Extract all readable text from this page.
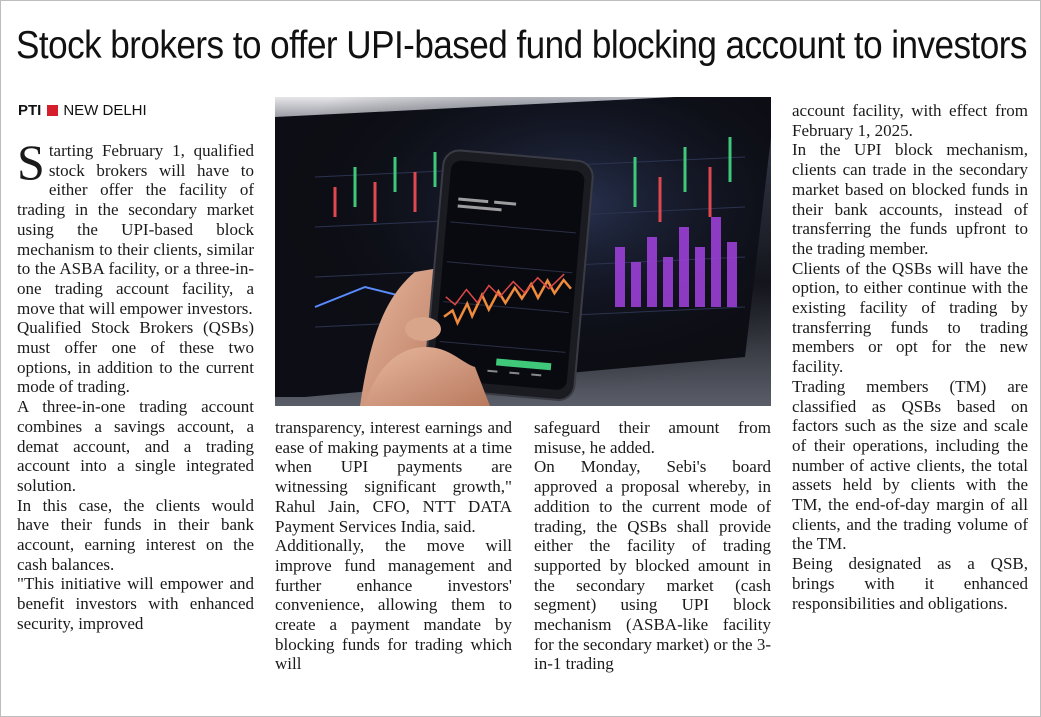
Stock brokers to offer UPI-based fund blocking account to investors
PTI NEW DELHI

Starting February 1, qualified stock brokers will have to either offer the facility of trading in the secondary market using the UPI-based block mechanism to their clients, similar to the ASBA facility, or a three-in-one trading account facility, a move that will empower investors.

Qualified Stock Brokers (QSBs) must offer one of these two options, in addition to the current mode of trading.

A three-in-one trading account combines a savings account, a demat account, and a trading account into a single integrated solution.

In this case, the clients would have their funds in their bank account, earning interest on the cash balances.

"This initiative will empower and benefit investors with enhanced security, improved

transparency, interest earnings and ease of making payments at a time when UPI payments are witnessing significant growth," Rahul Jain, CFO, NTT DATA Payment Services India, said.

Additionally, the move will improve fund management and further enhance investors' convenience, allowing them to create a payment mandate by blocking funds for trading which will

safeguard their amount from misuse, he added.

On Monday, Sebi's board approved a proposal whereby, in addition to the current mode of trading, the QSBs shall provide either the facility of trading supported by blocked amount in the secondary market (cash segment) using UPI block mechanism (ASBA-like facility for the secondary market) or the 3-in-1 trading

account facility, with effect from February 1, 2025.

In the UPI block mechanism, clients can trade in the secondary market based on blocked funds in their bank accounts, instead of transferring the funds upfront to the trading member.

Clients of the QSBs will have the option, to either continue with the existing facility of trading by transferring funds to trading members or opt for the new facility.

Trading members (TM) are classified as QSBs based on factors such as the size and scale of their operations, including the number of active clients, the total assets held by clients with the TM, the end-of-day margin of all clients, and the trading volume of the TM.

Being designated as a QSB, brings with it enhanced responsibilities and obligations.
